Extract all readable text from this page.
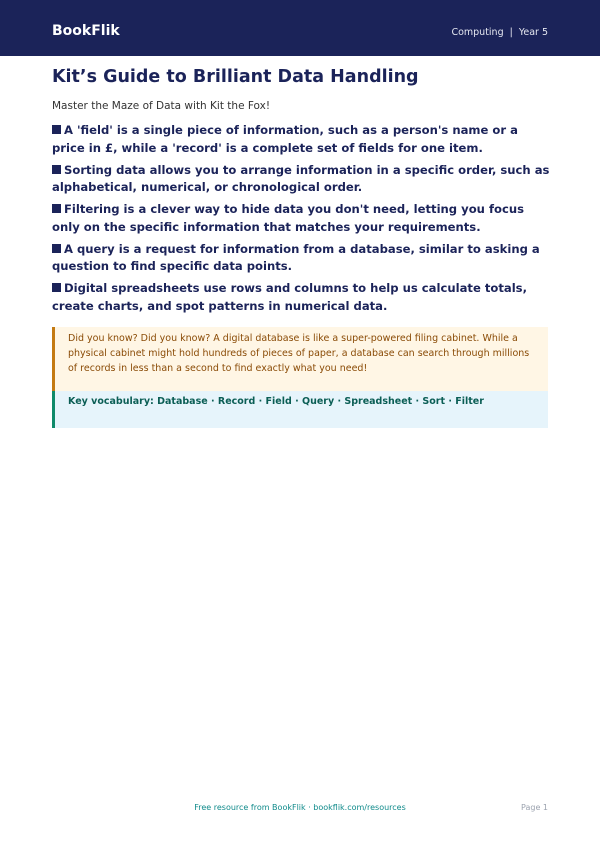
BookFlik	Computing | Year 5
Kit’s Guide to Brilliant Data Handling
Master the Maze of Data with Kit the Fox!
A 'field' is a single piece of information, such as a person's name or a price in £, while a 'record' is a complete set of fields for one item.
Sorting data allows you to arrange information in a specific order, such as alphabetical, numerical, or chronological order.
Filtering is a clever way to hide data you don't need, letting you focus only on the specific information that matches your requirements.
A query is a request for information from a database, similar to asking a question to find specific data points.
Digital spreadsheets use rows and columns to help us calculate totals, create charts, and spot patterns in numerical data.
Did you know? Did you know? A digital database is like a super-powered filing cabinet. While a physical cabinet might hold hundreds of pieces of paper, a database can search through millions of records in less than a second to find exactly what you need!
Key vocabulary: Database · Record · Field · Query · Spreadsheet · Sort · Filter
Free resource from BookFlik · bookflik.com/resources	Page 1
